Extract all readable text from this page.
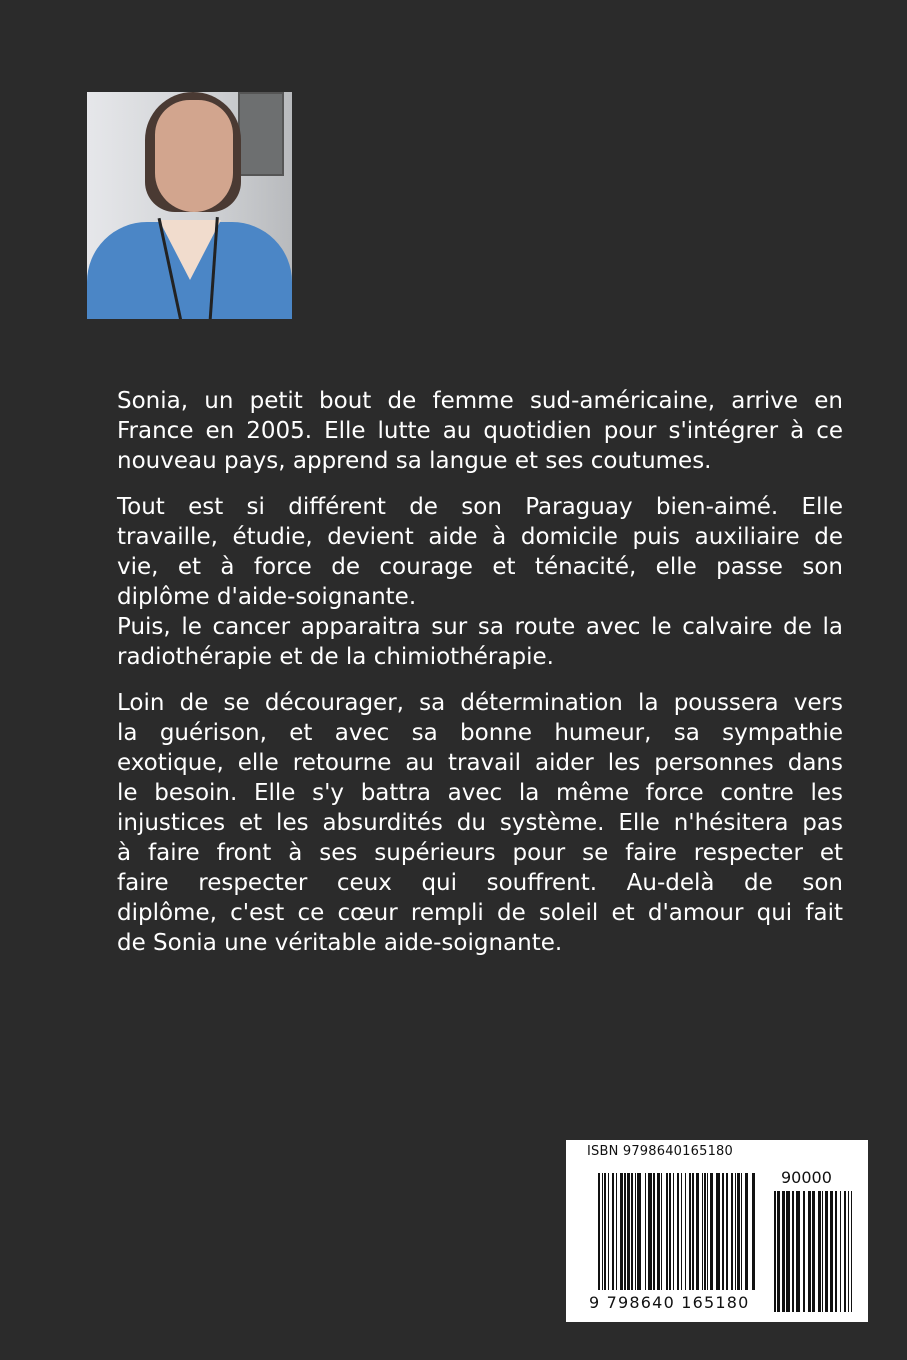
Sonia, un petit bout de femme sud-américaine, arrive en
France en 2005. Elle lutte au quotidien pour s'intégrer à ce
nouveau pays, apprend sa langue et ses coutumes.
Tout est si différent de son Paraguay bien-aimé. Elle
travaille, étudie, devient aide à domicile puis auxiliaire de
vie, et à force de courage et ténacité, elle passe son
diplôme d'aide-soignante.
Puis, le cancer apparaitra sur sa route avec le calvaire de la
radiothérapie et de la chimiothérapie.
Loin de se décourager, sa détermination la poussera vers
la guérison, et avec sa bonne humeur, sa sympathie
exotique, elle retourne au travail aider les personnes dans
le besoin. Elle s'y battra avec la même force contre les
injustices et les absurdités du système. Elle n'hésitera pas
à faire front à ses supérieurs pour se faire respecter et
faire respecter ceux qui souffrent. Au-delà de son
diplôme, c'est ce cœur rempli de soleil et d'amour qui fait
de Sonia une véritable aide-soignante.
ISBN 9798640165180
90000
9 798640 165180
